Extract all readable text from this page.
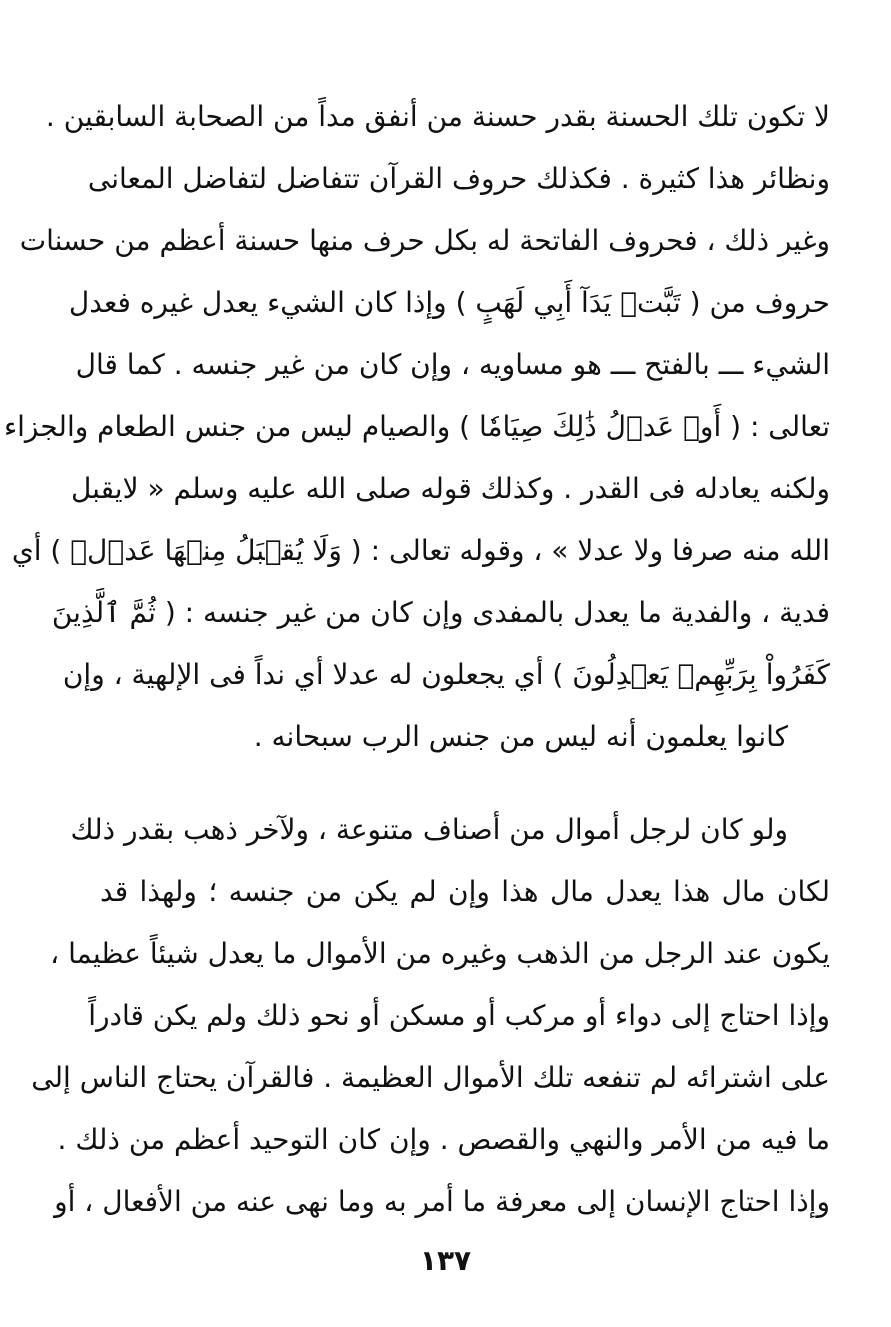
لا تكون تلك الحسنة بقدر حسنة من أنفق مداً من الصحابة السابقين .
ونظائر هذا كثيرة . فكذلك حروف القرآن تتفاضل لتفاضل المعانى
وغير ذلك ، فحروف الفاتحة له بكل حرف منها حسنة أعظم من حسنات
حروف من ( تَبَّتۡ يَدَآ أَبِي لَهَبٍ ) وإذا كان الشيء يعدل غيره فعدل
الشيء ـــ بالفتح ـــ هو مساويه ، وإن كان من غير جنسه . كما قال
تعالى : ( أَوۡ عَدۡلُ ذَٰلِكَ صِيَامٗا ) والصيام ليس من جنس الطعام والجزاء
ولكنه يعادله فى القدر . وكذلك قوله صلى الله عليه وسلم « لايقبل
الله منه صرفا ولا عدلا » ، وقوله تعالى : ( وَلَا يُقۡبَلُ مِنۡهَا عَدۡلٞ ) أي
فدية ، والفدية ما يعدل بالمفدى وإن كان من غير جنسه : ( ثُمَّ ٱلَّذِينَ
كَفَرُواْ بِرَبِّهِمۡ يَعۡدِلُونَ ) أي يجعلون له عدلا أي نداً فى الإلهية ، وإن
كانوا يعلمون أنه ليس من جنس الرب سبحانه .
ولو كان لرجل أموال من أصناف متنوعة ، ولآخر ذهب بقدر ذلك
لكان مال هذا يعدل مال هذا وإن لم يكن من جنسه ؛ ولهذا قد
يكون عند الرجل من الذهب وغيره من الأموال ما يعدل شيئاً عظيما ،
وإذا احتاج إلى دواء أو مركب أو مسكن أو نحو ذلك ولم يكن قادراً
على اشترائه لم تنفعه تلك الأموال العظيمة . فالقرآن يحتاج الناس إلى
ما فيه من الأمر والنهي والقصص . وإن كان التوحيد أعظم من ذلك .
وإذا احتاج الإنسان إلى معرفة ما أمر به وما نهى عنه من الأفعال ، أو
١٣٧
